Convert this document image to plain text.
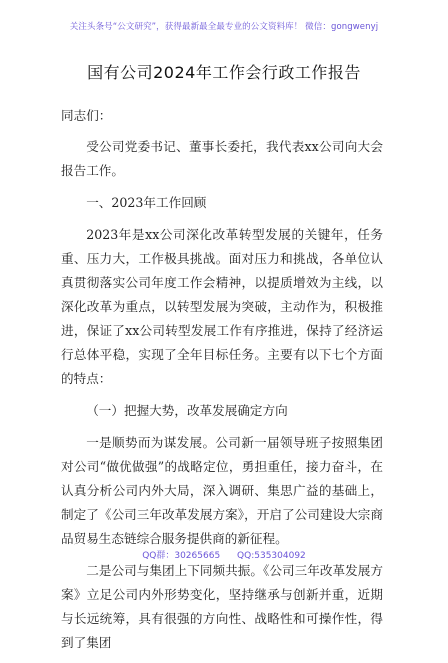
关注头条号“公文研究”，获得最新最全最专业的公文资料库！ 微信：gongwenyj
国有公司2024年工作会行政工作报告

同志们：

受公司党委书记、董事长委托，我代表xx公司向大会报告工作。

一、2023年工作回顾

2023年是xx公司深化改革转型发展的关键年，任务重、压力大，工作极具挑战。面对压力和挑战，各单位认真贯彻落实公司年度工作会精神，以提质增效为主线，以深化改革为重点，以转型发展为突破，主动作为，积极推进，保证了xx公司转型发展工作有序推进，保持了经济运行总体平稳，实现了全年目标任务。主要有以下七个方面的特点：

（一）把握大势，改革发展确定方向

一是顺势而为谋发展。公司新一届领导班子按照集团对公司“做优做强”的战略定位，勇担重任，接力奋斗，在认真分析公司内外大局，深入调研、集思广益的基础上，制定了《公司三年改革发展方案》，开启了公司建设大宗商品贸易生态链综合服务提供商的新征程。

二是公司与集团上下同频共振。《公司三年改革发展方案》立足公司内外形势变化，坚持继承与创新并重，近期与长远统筹，具有很强的方向性、战略性和可操作性，得到了集团

QQ群：30265665 QQ:535304092
